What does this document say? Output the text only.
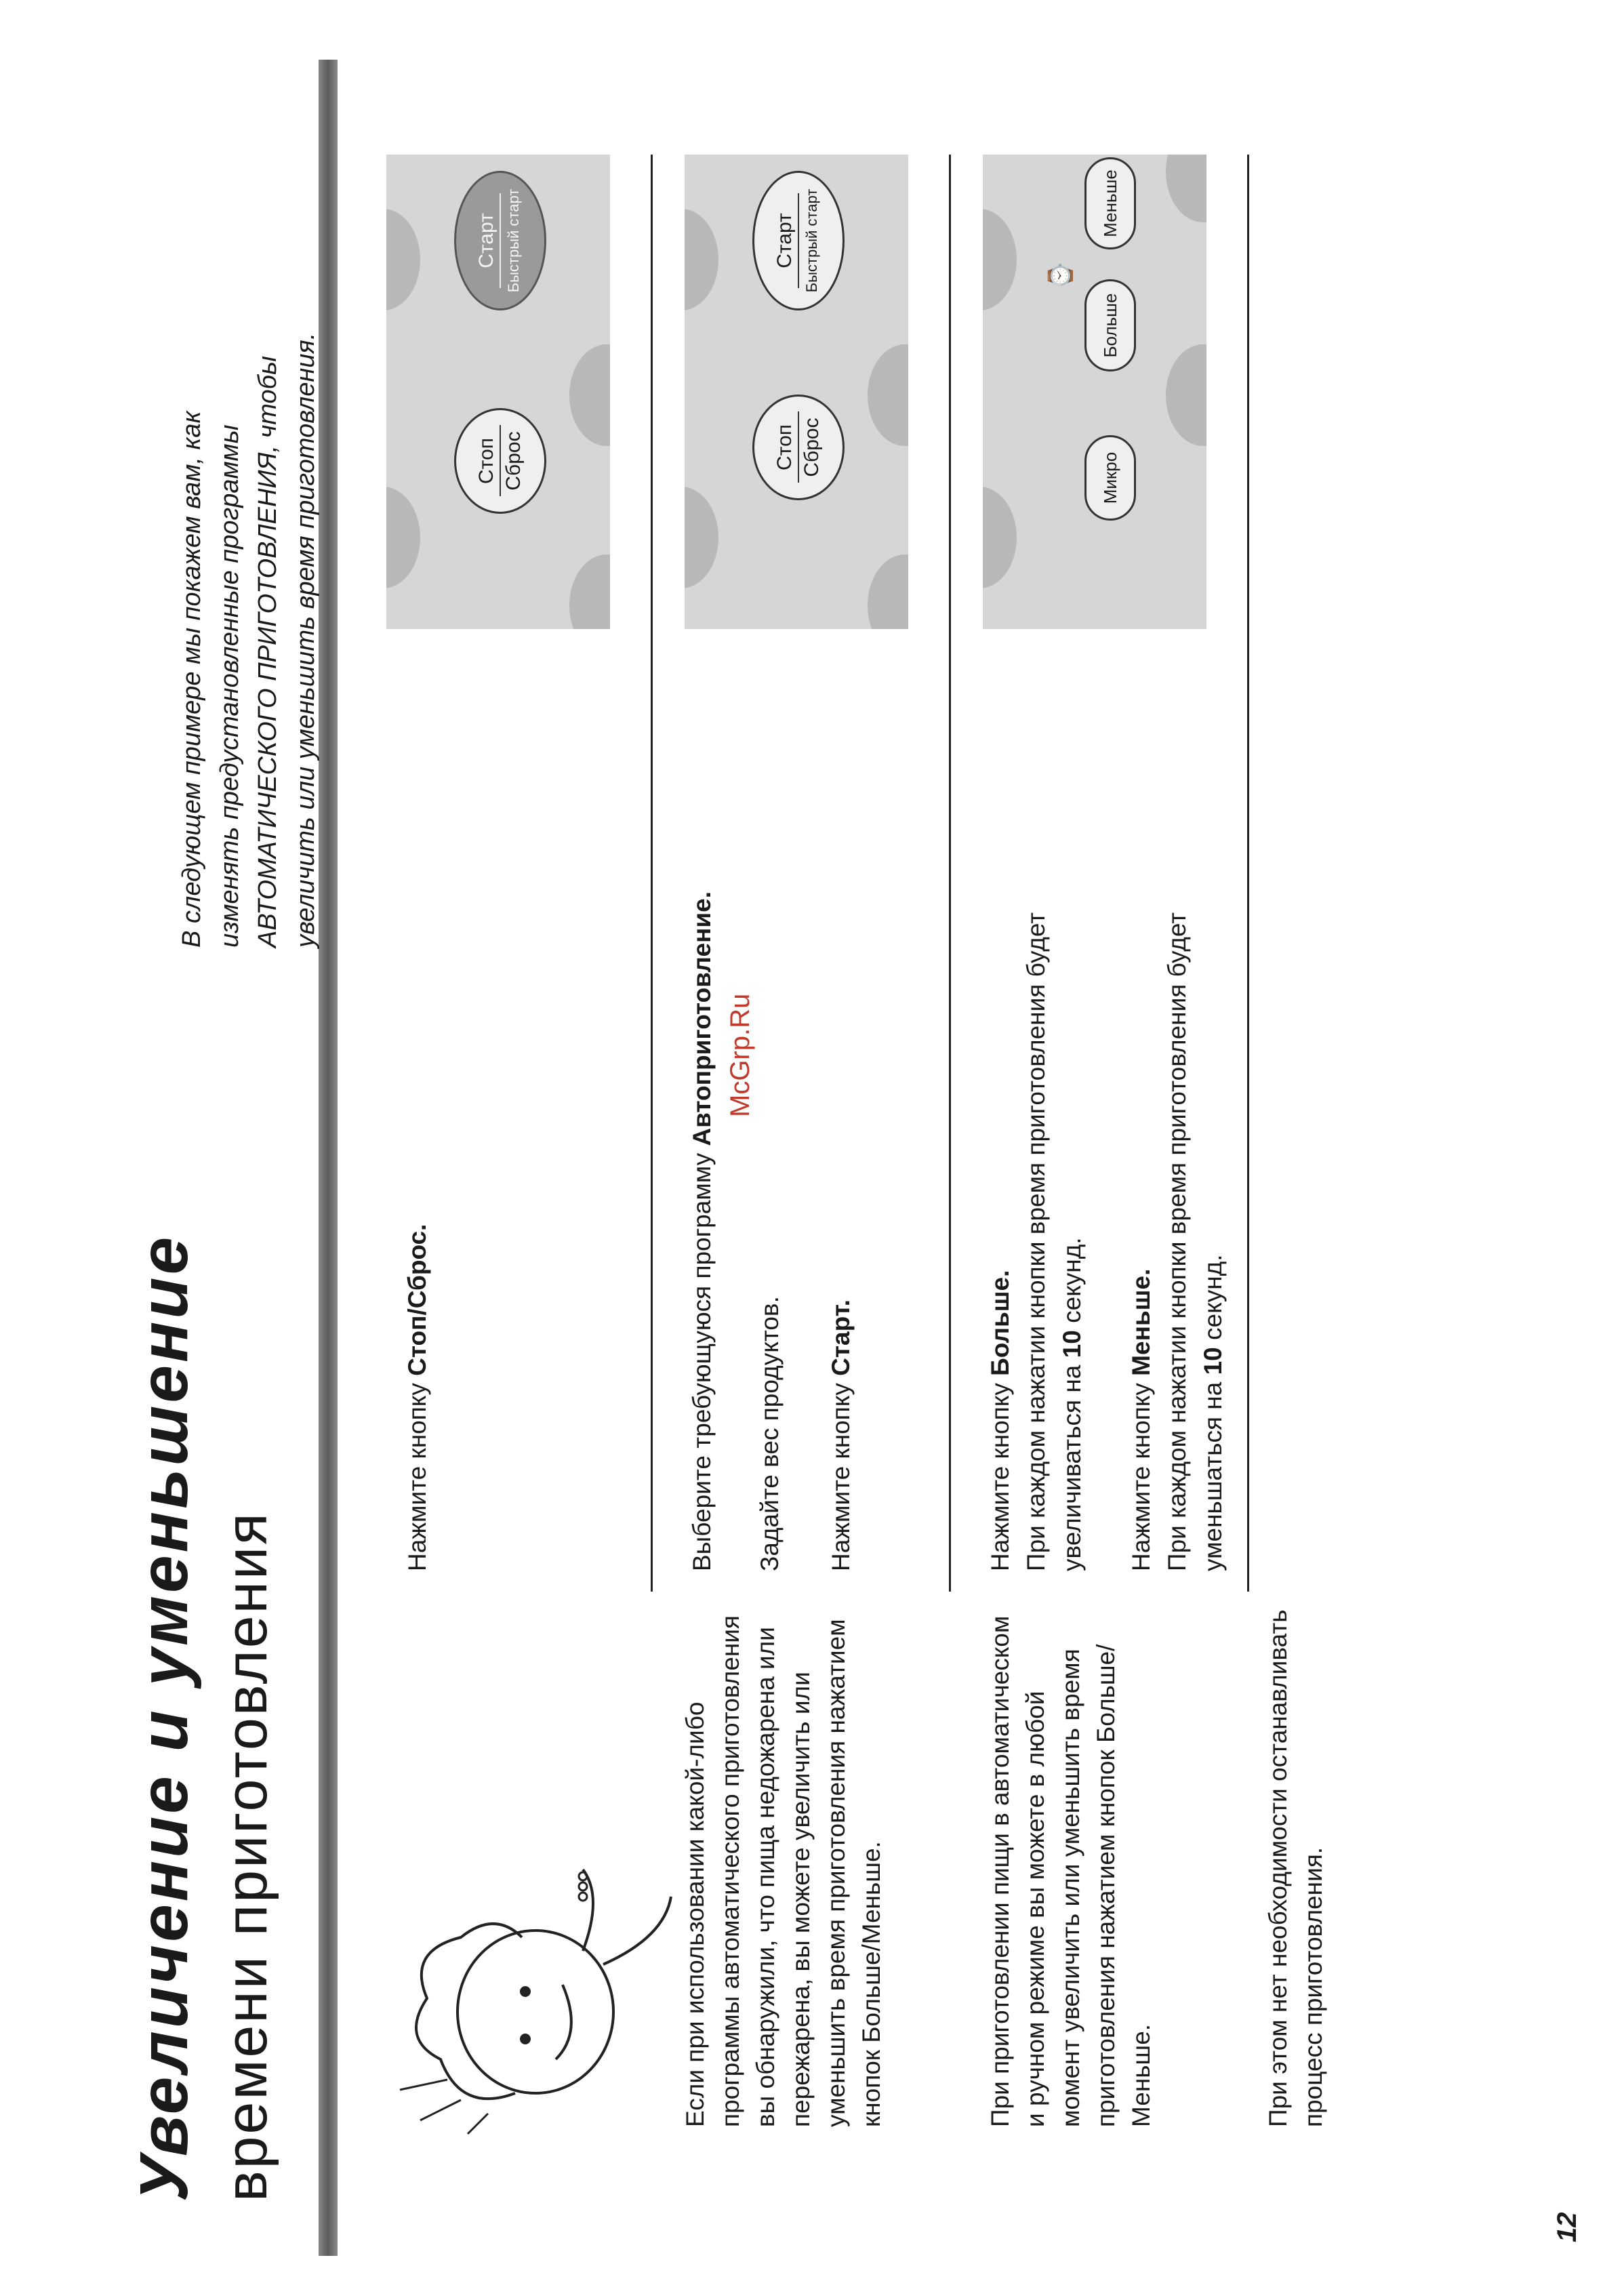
Увеличение и уменьшение времени приготовления

В следующем примере мы покажем вам, как изменять предустановленные программы АВТОМАТИЧЕСКОГО ПРИГОТОВЛЕНИЯ, чтобы увеличить или уменьшить время приготовления.

Если при использовании какой-либо программы автоматического приготовления вы обнаружили, что пища недожарена или пережарена, вы можете увеличить или уменьшить время приготовления нажатием кнопок Больше/Меньше.	При приготовлении пищи в автоматическом и ручном режиме вы можете в любой момент увеличить или уменьшить время приготовления нажатием кнопок Больше/Меньше.	При этом нет необходимости останавливать процесс приготовления.
Нажмите кнопку Стоп/Сброс.	Выберите требующуюся программу Автоприготовление.
Задайте вес продуктов. Нажмите кнопку Старт.
Нажмите кнопку Больше. При каждом нажатии кнопки время приготовления будет увеличиваться на 10 секунд.
Нажмите кнопку Меньше. При каждом нажатии кнопки время приготовления будет уменьшаться на 10 секунд.
McGrp.Ru
Стоп Сброс
Старт Быстрый старт
Стоп Сброс
Старт Быстрый старт
Микро
Больше
⌚
Меньше
12
